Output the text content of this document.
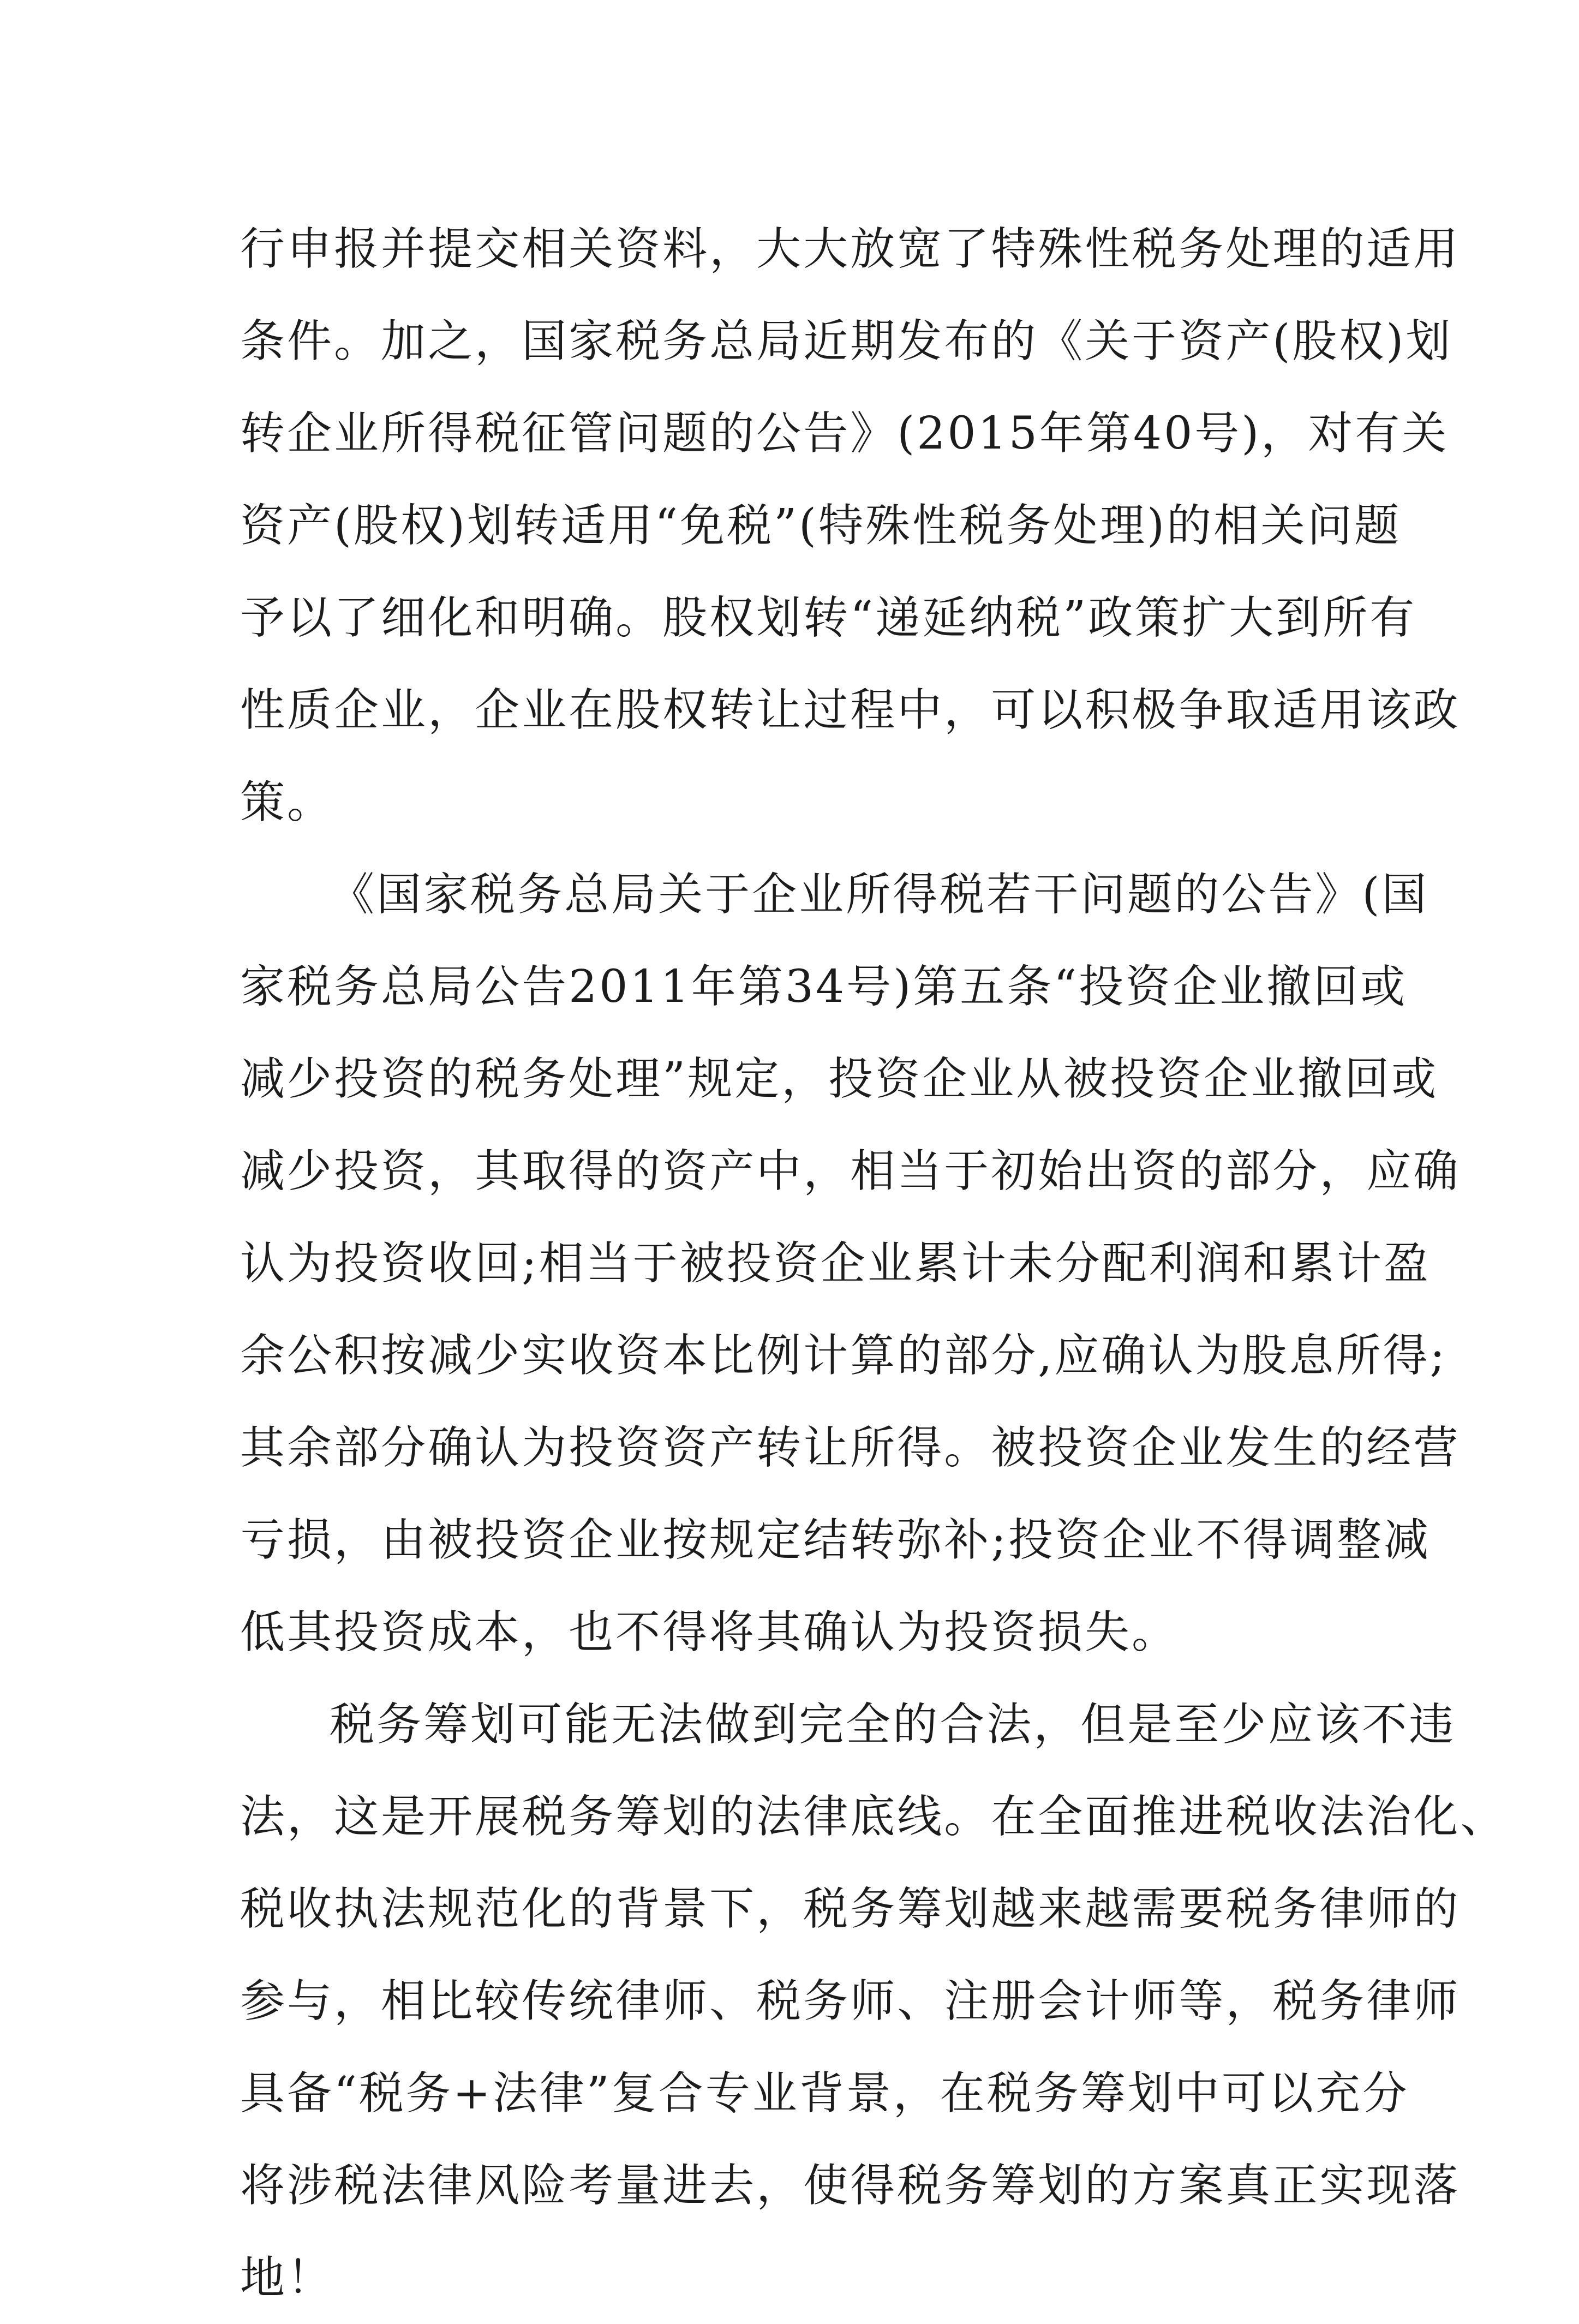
行 申 报 并 提 交 相 关 资 料 ， 大 大 放 宽 了 特 殊 性 税 务 处 理 的 适 用
条 件 。 加 之 ， 国 家 税 务 总 局 近 期 发 布 的 《 关 于 资 产 ( 股 权 ) 划
转 企 业 所 得 税 征 管 问 题 的 公 告 》 ( 2015 年 第 40 号 ) ， 对 有 关
资 产 ( 股 权 ) 划 转 适 用 “ 免 税 ” ( 特 殊 性 税 务 处 理 ) 的 相 关 问 题
予 以 了 细 化 和 明 确 。 股 权 划 转 “ 递 延 纳 税 ” 政 策 扩 大 到 所 有
性 质 企 业 ， 企 业 在 股 权 转 让 过 程 中 ， 可 以 积 极 争 取 适 用 该 政
策。
《 国 家 税 务 总 局 关 于 企 业 所 得 税 若 干 问 题 的 公 告 》 ( 国
家 税 务 总 局 公 告 2011 年 第 34 号 ) 第 五 条 “ 投 资 企 业 撤 回 或
减 少 投 资 的 税 务 处 理 ” 规 定 ， 投 资 企 业 从 被 投 资 企 业 撤 回 或
减 少 投 资 ， 其 取 得 的 资 产 中 ， 相 当 于 初 始 出 资 的 部 分 ， 应 确
认 为 投 资 收 回 ; 相 当 于 被 投 资 企 业 累 计 未 分 配 利 润 和 累 计 盈
余 公 积 按 减 少 实 收 资 本 比 例 计 算 的 部 分 , 应 确 认 为 股 息 所 得 ;
其 余 部 分 确 认 为 投 资 资 产 转 让 所 得 。 被 投 资 企 业 发 生 的 经 营
亏 损 ， 由 被 投 资 企 业 按 规 定 结 转 弥 补 ; 投 资 企 业 不 得 调 整 减
低其投资成本，也不得将其确认为投资损失。
税 务 筹 划 可 能 无 法 做 到 完 全 的 合 法 ， 但 是 至 少 应 该 不 违
法 ， 这 是 开 展 税 务 筹 划 的 法 律 底 线 。 在 全 面 推 进 税 收 法 治 化 、
税 收 执 法 规 范 化 的 背 景 下 ， 税 务 筹 划 越 来 越 需 要 税 务 律 师 的
参 与 ， 相 比 较 传 统 律 师 、 税 务 师 、 注 册 会 计 师 等 ， 税 务 律 师
具 备 “ 税 务 + 法 律 ” 复 合 专 业 背 景 ， 在 税 务 筹 划 中 可 以 充 分
将 涉 税 法 律 风 险 考 量 进 去 ， 使 得 税 务 筹 划 的 方 案 真 正 实 现 落
地！
